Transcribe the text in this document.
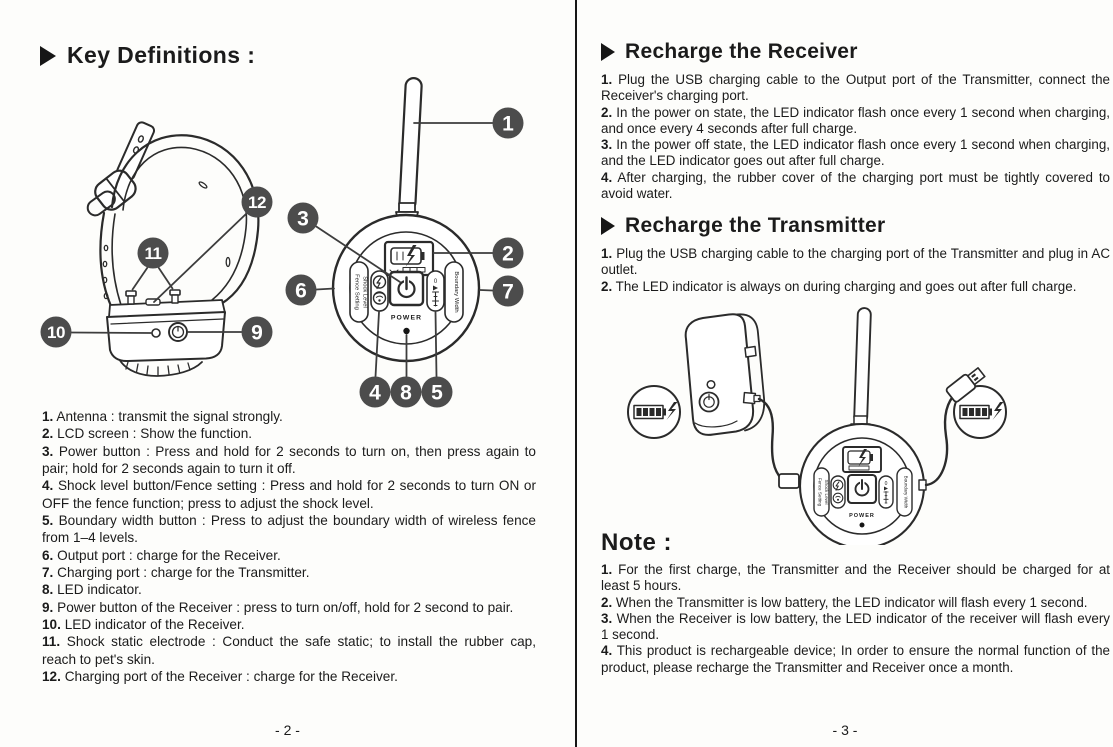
Key Definitions :
Fence Setting Shock Level	0	Boundary Width
POWER
1
2
3
4 5
6	7
8
9
10
11
12
1. Antenna : transmit the signal strongly.
2. LCD screen : Show the function.
3. Power button : Press and hold for 2 seconds to turn on, then press again to pair; hold for 2 seconds again to turn it off.
4. Shock level button/Fence setting : Press and hold for 2 seconds to turn ON or OFF the fence function; press to adjust the shock level.
5. Boundary width button : Press to adjust the boundary width of wireless fence from 1–4 levels.
6. Output port : charge for the Receiver.
7. Charging port : charge for the Transmitter.
8. LED indicator.
9. Power button of the Receiver : press to turn on/off, hold for 2 second to pair.
10. LED indicator of the Receiver.
11. Shock static electrode : Conduct the safe static; to install the rubber cap, reach to pet's skin.
12. Charging port of the Receiver : charge for the Receiver.
- 2 -
Recharge the Receiver
1. Plug the USB charging cable to the Output port of the Transmitter, connect the Receiver's charging port.
2. In the power on state, the LED indicator flash once every 1 second when charging, and once every 4 seconds after full charge.
3. In the power off state, the LED indicator flash once every 1 second when charging, and the LED indicator goes out after full charge.
4. After charging, the rubber cover of the charging port must be tightly covered to avoid water.
Recharge the Transmitter
1. Plug the USB charging cable to the charging port of the Transmitter and plug in AC outlet.
2. The LED indicator is always on during charging and goes out after full charge.
Fence Setting Shock Level	0	Boundary Width
POWER
Note :
1. For the first charge, the Transmitter and the Receiver should be charged for at least 5 hours.
2. When the Transmitter is low battery, the LED indicator will flash every 1 second.
3. When the Receiver is low battery, the LED indicator of the receiver will flash every 1 second.
4. This product is rechargeable device; In order to ensure the normal function of the product, please recharge the Transmitter and Receiver once a month.
- 3 -
